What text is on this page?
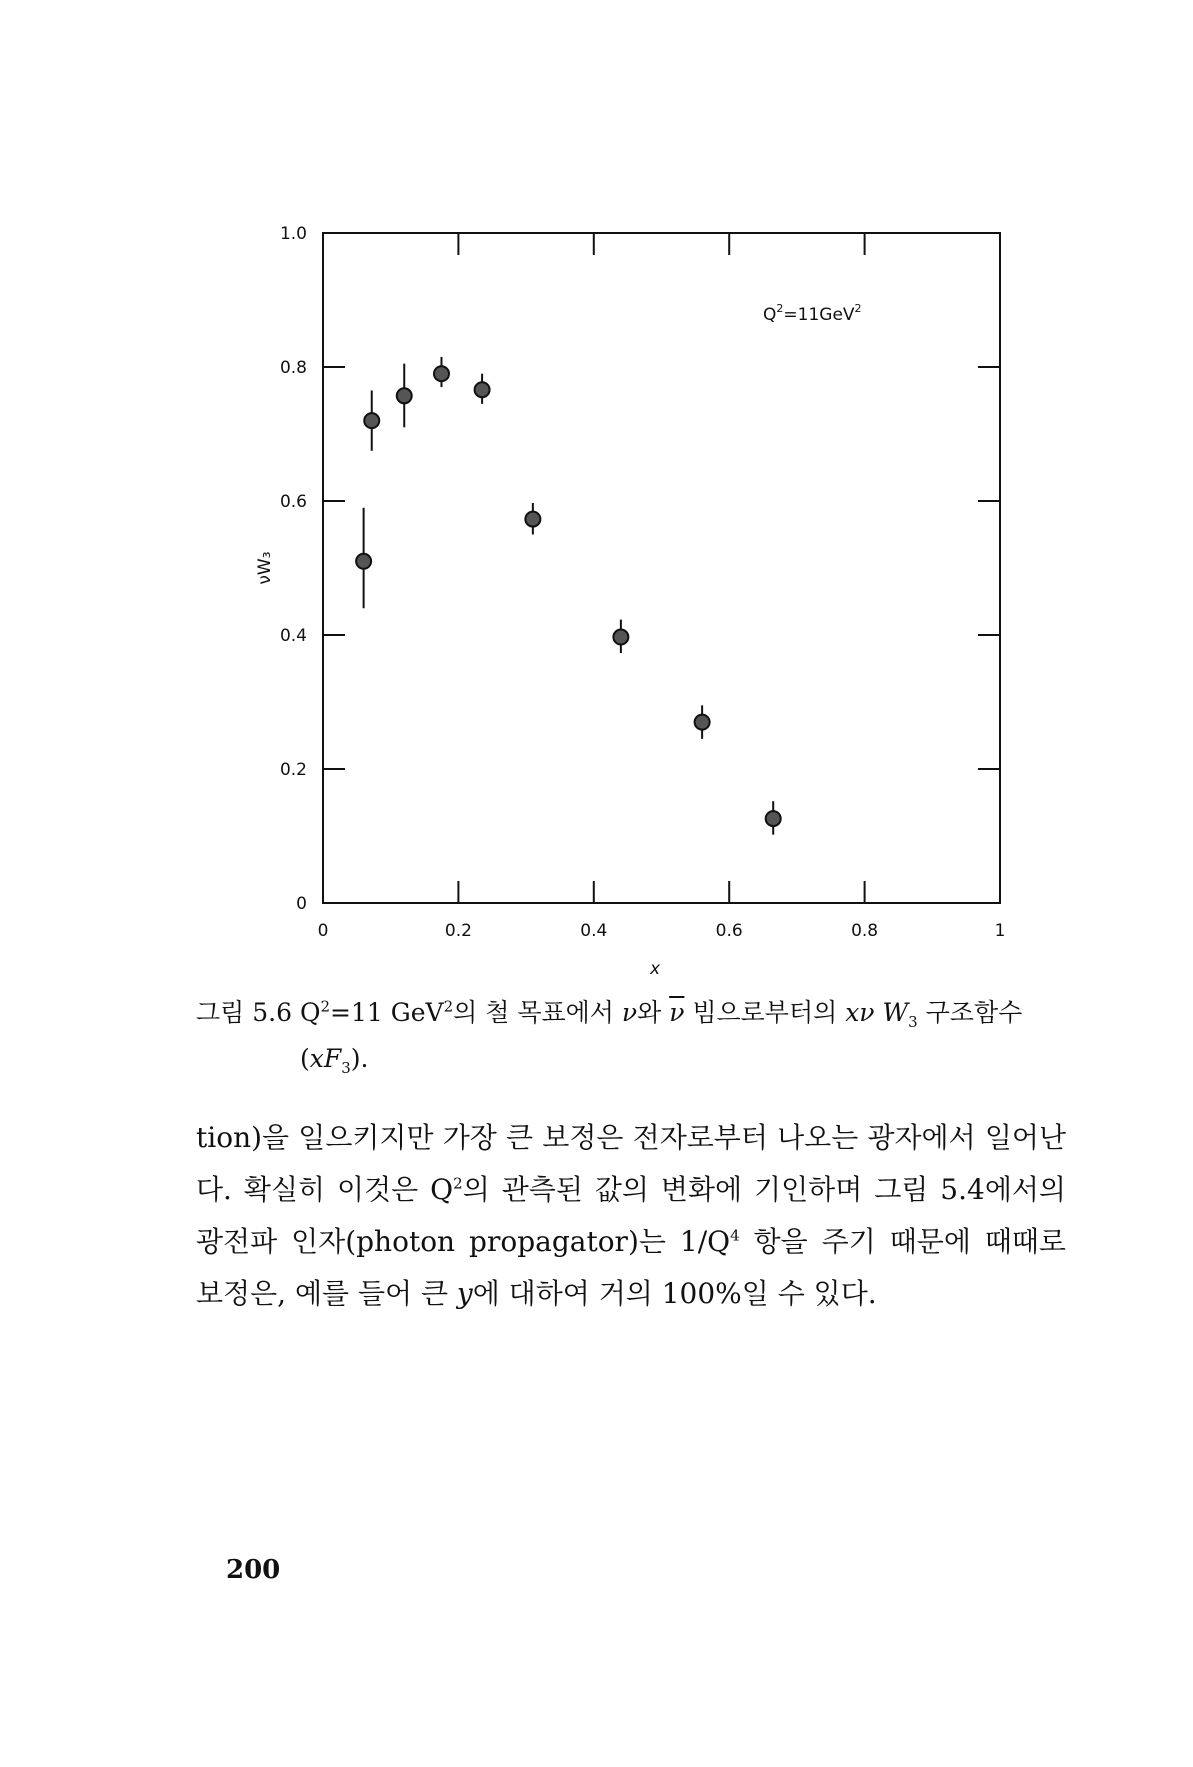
0	0.2	0.4	0.6	0.8	1
0
0.2
0.4
0.6
0.8
1.0
$Q^2=11GeV^2$
x
νW₃
그림 5.6 $Q^2=11$ GeV$^2$의 철 목표에서 ν와 $\overline{\nu}$ 빔으로부터의 xν $W_3$ 구조함수
$(xF_3)$.
tion)을 일으키지만 가장 큰 보정은 전자로부터 나오는 광자에서 일어난다. 확실히 이것은 $Q^2$의 관측된 값의 변화에 기인하며 그림 5.4에서의 광전파 인자(photon propagator)는 $1/Q^4$ 항을 주기 때문에 때때로 보정은, 예를 들어 큰 y에 대하여 거의 100%일 수 있다.
200
